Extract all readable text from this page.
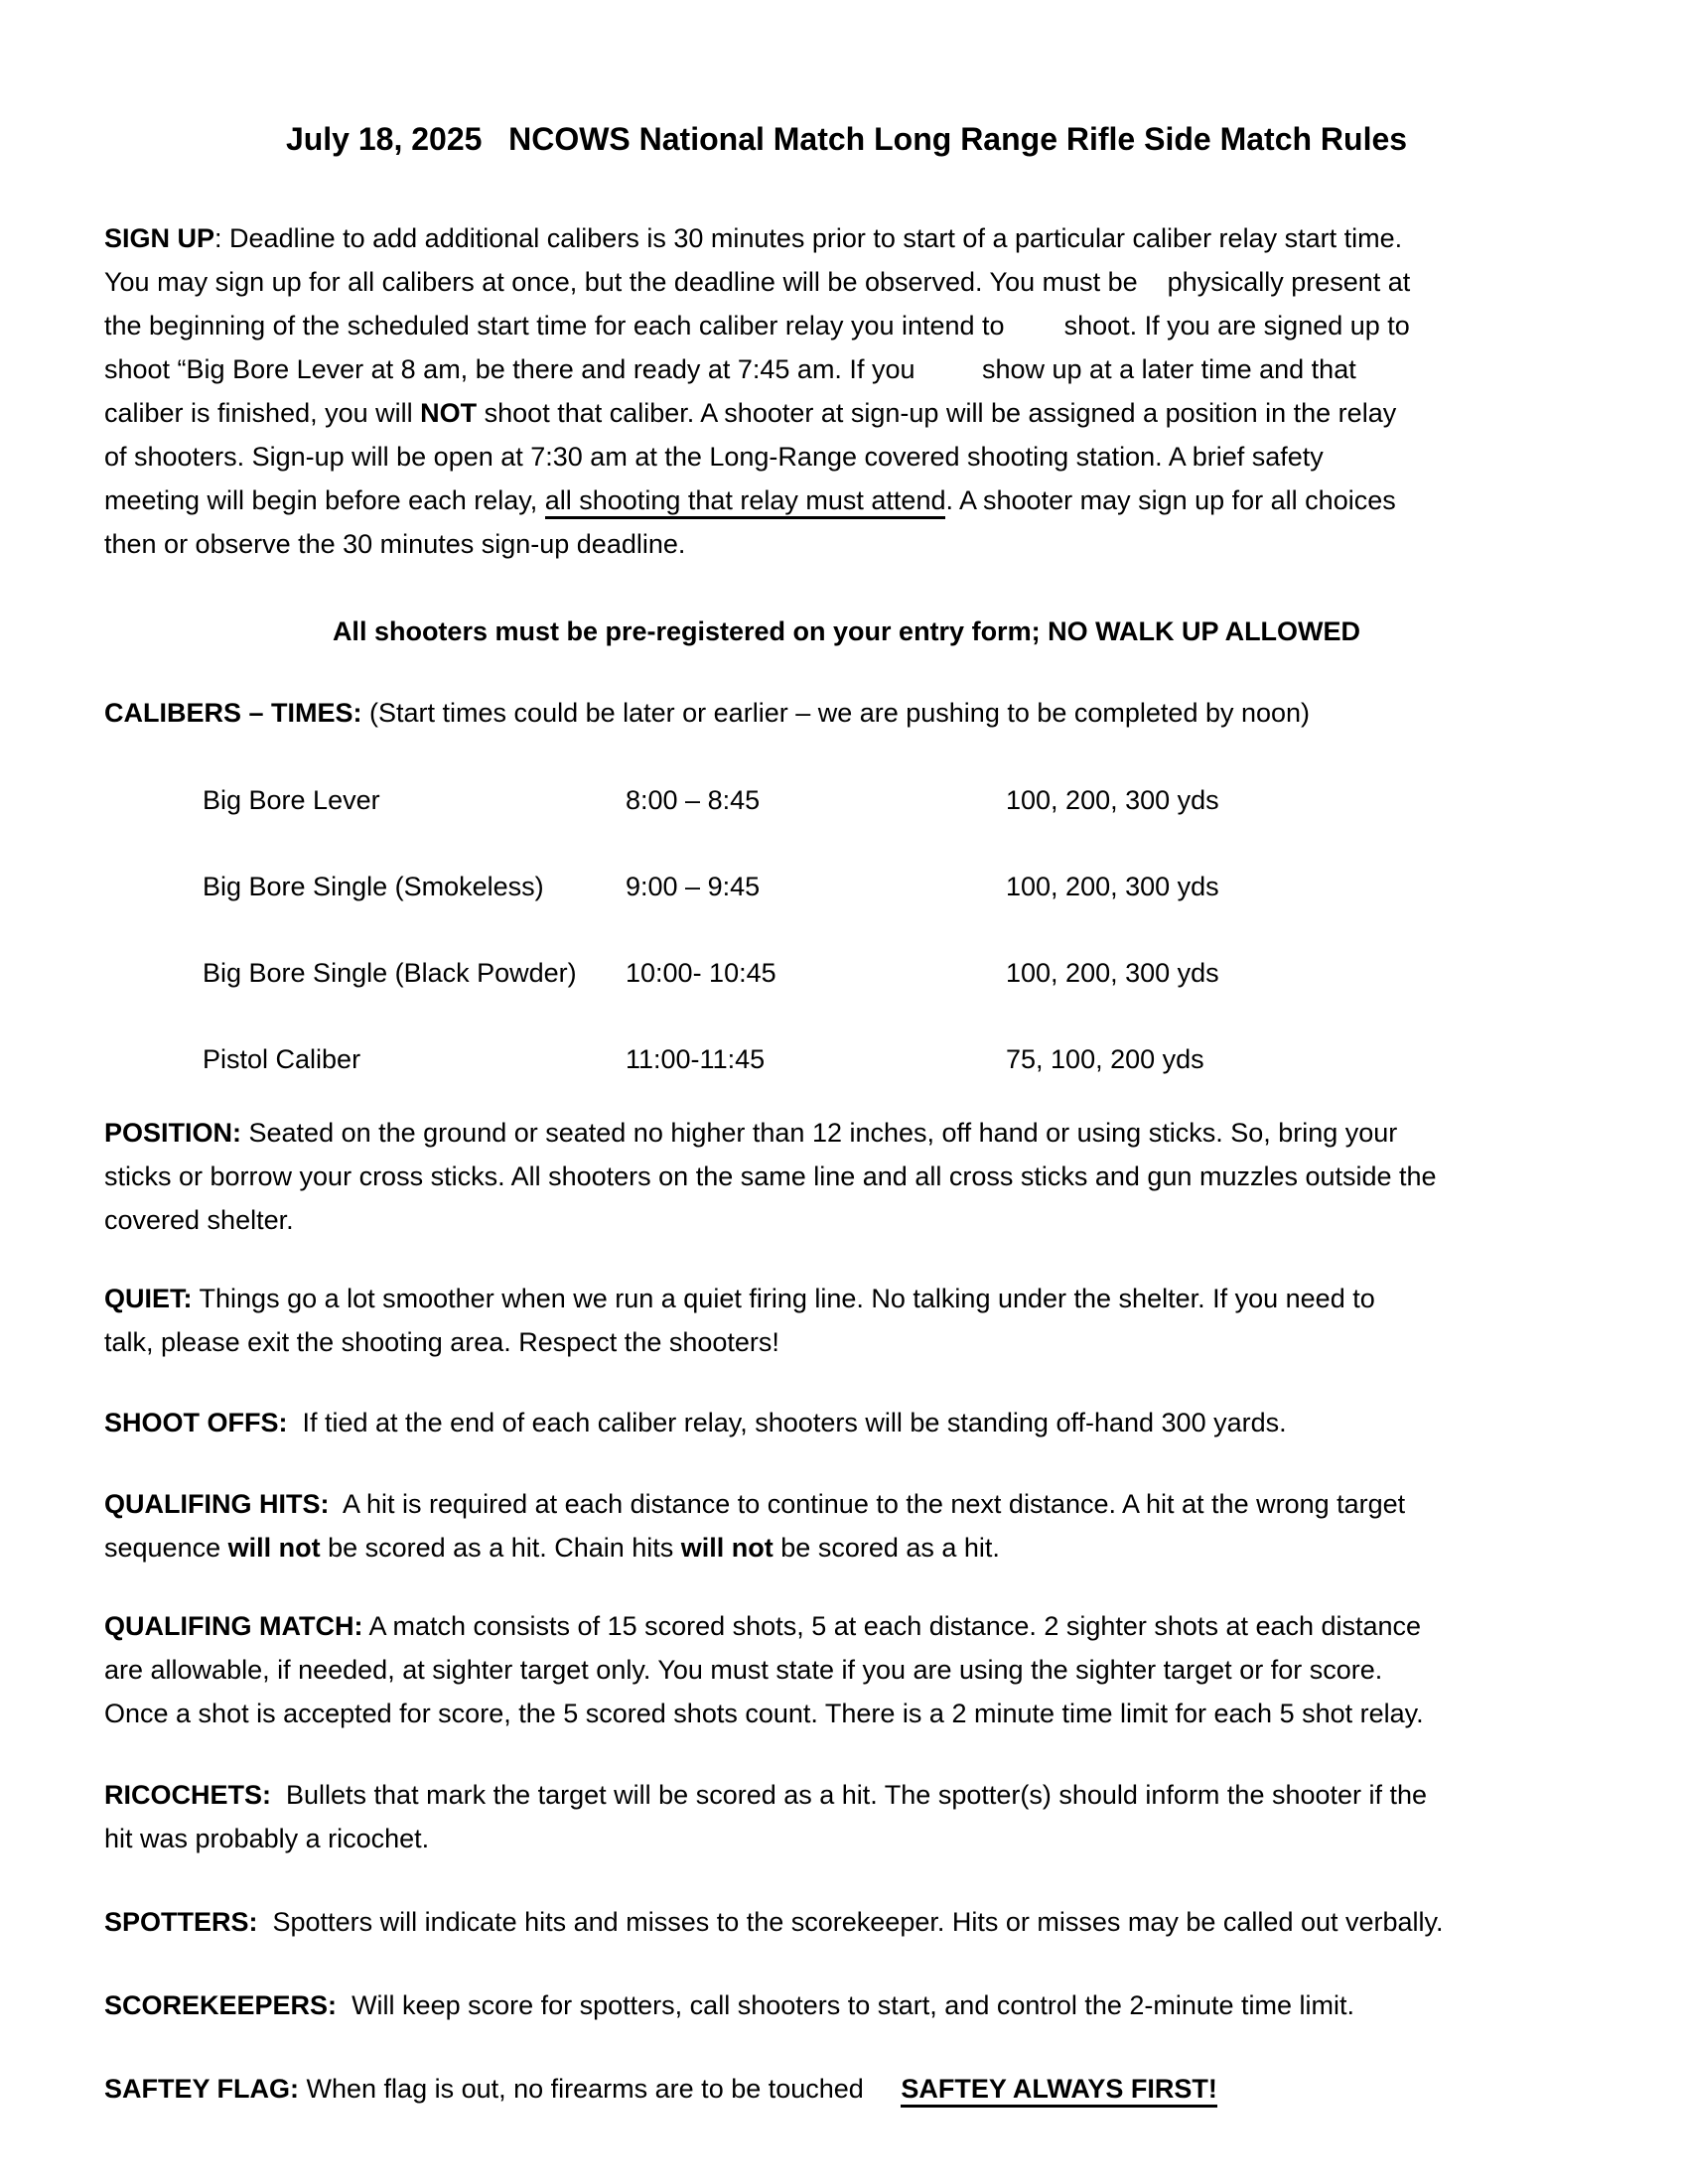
July 18, 2025   NCOWS National Match Long Range Rifle Side Match Rules
SIGN UP: Deadline to add additional calibers is 30 minutes prior to start of a particular caliber relay start time.
You may sign up for all calibers at once, but the deadline will be observed. You must be    physically present at
the beginning of the scheduled start time for each caliber relay you intend to        shoot. If you are signed up to
shoot “Big Bore Lever at 8 am, be there and ready at 7:45 am. If you         show up at a later time and that
caliber is finished, you will NOT shoot that caliber. A shooter at sign-up will be assigned a position in the relay
of shooters. Sign-up will be open at 7:30 am at the Long-Range covered shooting station. A brief safety
meeting will begin before each relay, all shooting that relay must attend. A shooter may sign up for all choices
then or observe the 30 minutes sign-up deadline.
All shooters must be pre-registered on your entry form; NO WALK UP ALLOWED
CALIBERS – TIMES: (Start times could be later or earlier – we are pushing to be completed by noon)
Big Bore Lever	8:00 – 8:45	100, 200, 300 yds
Big Bore Single (Smokeless)	9:00 – 9:45	100, 200, 300 yds
Big Bore Single (Black Powder) 10:00- 10:45	100, 200, 300 yds
Pistol Caliber	11:00-11:45	75, 100, 200 yds
POSITION: Seated on the ground or seated no higher than 12 inches, off hand or using sticks. So, bring your
sticks or borrow your cross sticks. All shooters on the same line and all cross sticks and gun muzzles outside the
covered shelter.
QUIET: Things go a lot smoother when we run a quiet firing line. No talking under the shelter. If you need to
talk, please exit the shooting area. Respect the shooters!
SHOOT OFFS:  If tied at the end of each caliber relay, shooters will be standing off-hand 300 yards.
QUALIFING HITS:  A hit is required at each distance to continue to the next distance. A hit at the wrong target
sequence will not be scored as a hit. Chain hits will not be scored as a hit.
QUALIFING MATCH: A match consists of 15 scored shots, 5 at each distance. 2 sighter shots at each distance
are allowable, if needed, at sighter target only. You must state if you are using the sighter target or for score.
Once a shot is accepted for score, the 5 scored shots count. There is a 2 minute time limit for each 5 shot relay.
RICOCHETS:  Bullets that mark the target will be scored as a hit. The spotter(s) should inform the shooter if the
hit was probably a ricochet.
SPOTTERS:  Spotters will indicate hits and misses to the scorekeeper. Hits or misses may be called out verbally.
SCOREKEEPERS:  Will keep score for spotters, call shooters to start, and control the 2-minute time limit.
SAFTEY FLAG: When flag is out, no firearms are to be touched     SAFTEY ALWAYS FIRST!
